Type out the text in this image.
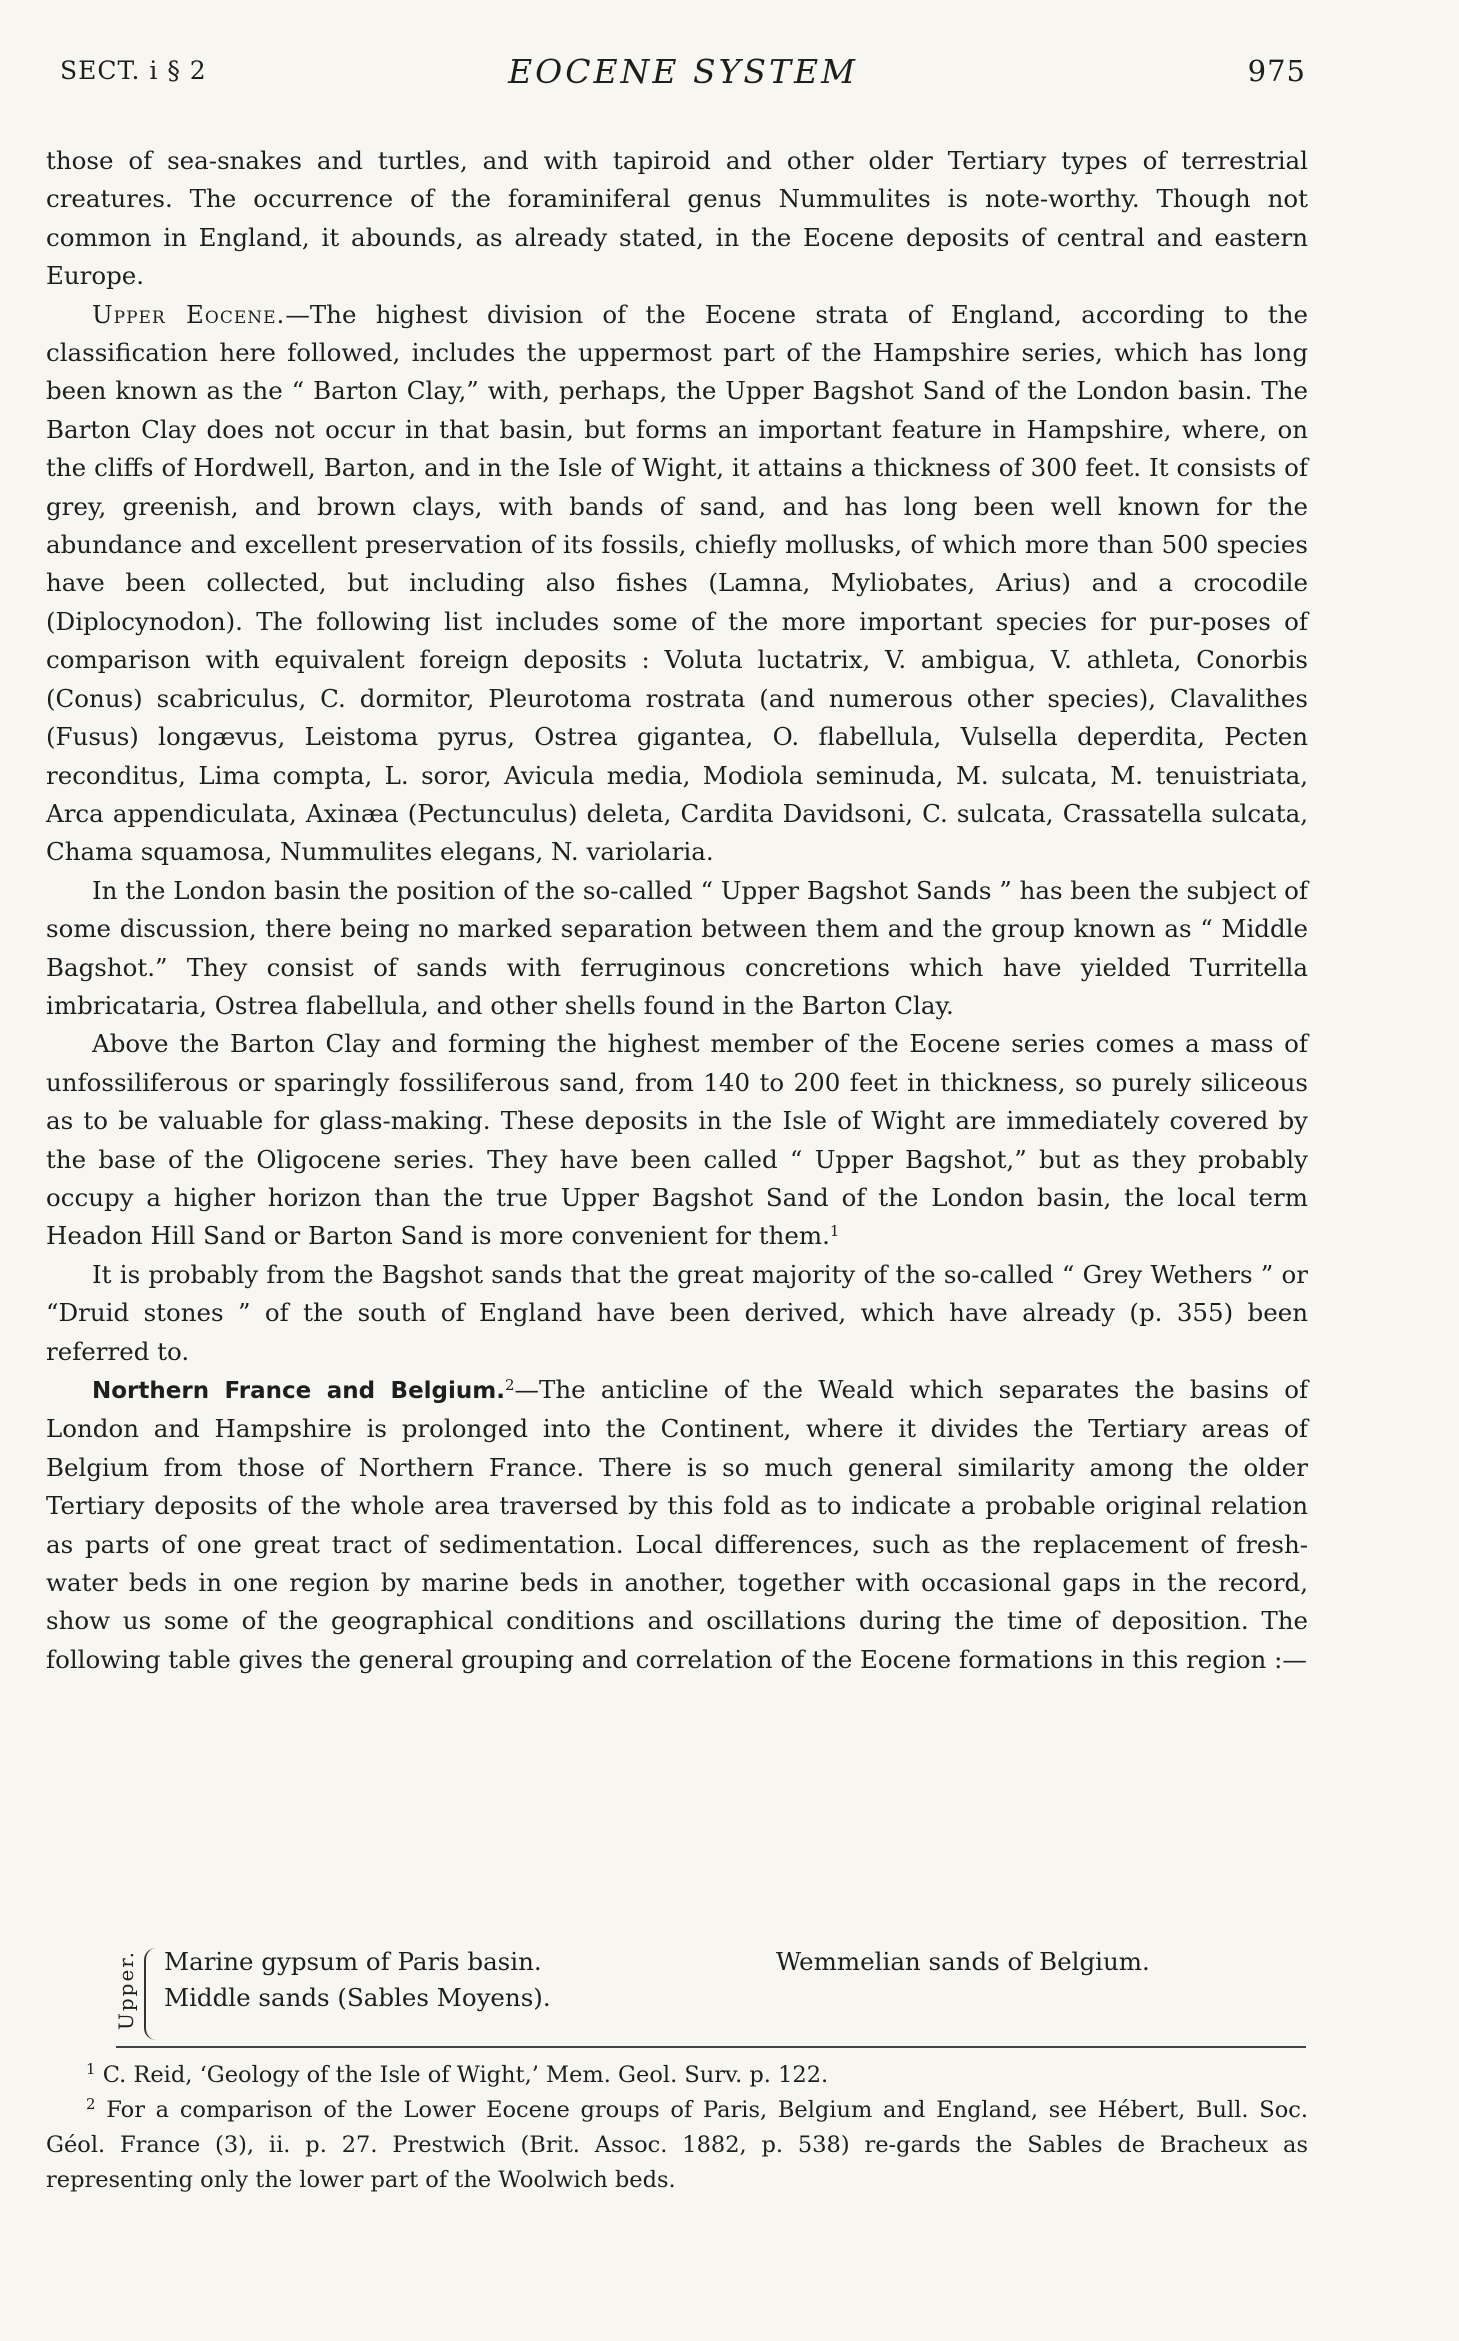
SECT. i § 2	EOCENE SYSTEM	975

those of sea-snakes and turtles, and with tapiroid and other older Tertiary types of terrestrial creatures. The occurrence of the foraminiferal genus Nummulites is note-worthy. Though not common in England, it abounds, as already stated, in the Eocene deposits of central and eastern Europe.

Upper Eocene.—The highest division of the Eocene strata of England, according to the classification here followed, includes the uppermost part of the Hampshire series, which has long been known as the “ Barton Clay,” with, perhaps, the Upper Bagshot Sand of the London basin. The Barton Clay does not occur in that basin, but forms an important feature in Hampshire, where, on the cliffs of Hordwell, Barton, and in the Isle of Wight, it attains a thickness of 300 feet. It consists of grey, greenish, and brown clays, with bands of sand, and has long been well known for the abundance and excellent preservation of its fossils, chiefly mollusks, of which more than 500 species have been collected, but including also fishes (Lamna, Myliobates, Arius) and a crocodile (Diplocynodon). The following list includes some of the more important species for pur-poses of comparison with equivalent foreign deposits : Voluta luctatrix, V. ambigua, V. athleta, Conorbis (Conus) scabriculus, C. dormitor, Pleurotoma rostrata (and numerous other species), Clavalithes (Fusus) longævus, Leistoma pyrus, Ostrea gigantea, O. flabellula, Vulsella deperdita, Pecten reconditus, Lima compta, L. soror, Avicula media, Modiola seminuda, M. sulcata, M. tenuistriata, Arca appendiculata, Axinæa (Pectunculus) deleta, Cardita Davidsoni, C. sulcata, Crassatella sulcata, Chama squamosa, Nummulites elegans, N. variolaria.

In the London basin the position of the so-called “ Upper Bagshot Sands ” has been the subject of some discussion, there being no marked separation between them and the group known as “ Middle Bagshot.” They consist of sands with ferruginous concretions which have yielded Turritella imbricataria, Ostrea flabellula, and other shells found in the Barton Clay.

Above the Barton Clay and forming the highest member of the Eocene series comes a mass of unfossiliferous or sparingly fossiliferous sand, from 140 to 200 feet in thickness, so purely siliceous as to be valuable for glass-making. These deposits in the Isle of Wight are immediately covered by the base of the Oligocene series. They have been called “ Upper Bagshot,” but as they probably occupy a higher horizon than the true Upper Bagshot Sand of the London basin, the local term Headon Hill Sand or Barton Sand is more convenient for them.$^1$

It is probably from the Bagshot sands that the great majority of the so-called “ Grey Wethers ” or “Druid stones ” of the south of England have been derived, which have already (p. 355) been referred to.

Northern France and Belgium.$^2$—The anticline of the Weald which separates the basins of London and Hampshire is prolonged into the Continent, where it divides the Tertiary areas of Belgium from those of Northern France. There is so much general similarity among the older Tertiary deposits of the whole area traversed by this fold as to indicate a probable original relation as parts of one great tract of sedimentation. Local differences, such as the replacement of fresh-water beds in one region by marine beds in another, together with occasional gaps in the record, show us some of the geographical conditions and oscillations during the time of deposition. The following table gives the general grouping and correlation of the Eocene formations in this region :—

Upper. Marine gypsum of Paris basin.
Middle sands (Sables Moyens).
Wemmelian sands of Belgium.

$^1$ C. Reid, ‘Geology of the Isle of Wight,’ Mem. Geol. Surv. p. 122.

$^2$ For a comparison of the Lower Eocene groups of Paris, Belgium and England, see Hébert, Bull. Soc. Géol. France (3), ii. p. 27. Prestwich (Brit. Assoc. 1882, p. 538) re-gards the Sables de Bracheux as representing only the lower part of the Woolwich beds.
